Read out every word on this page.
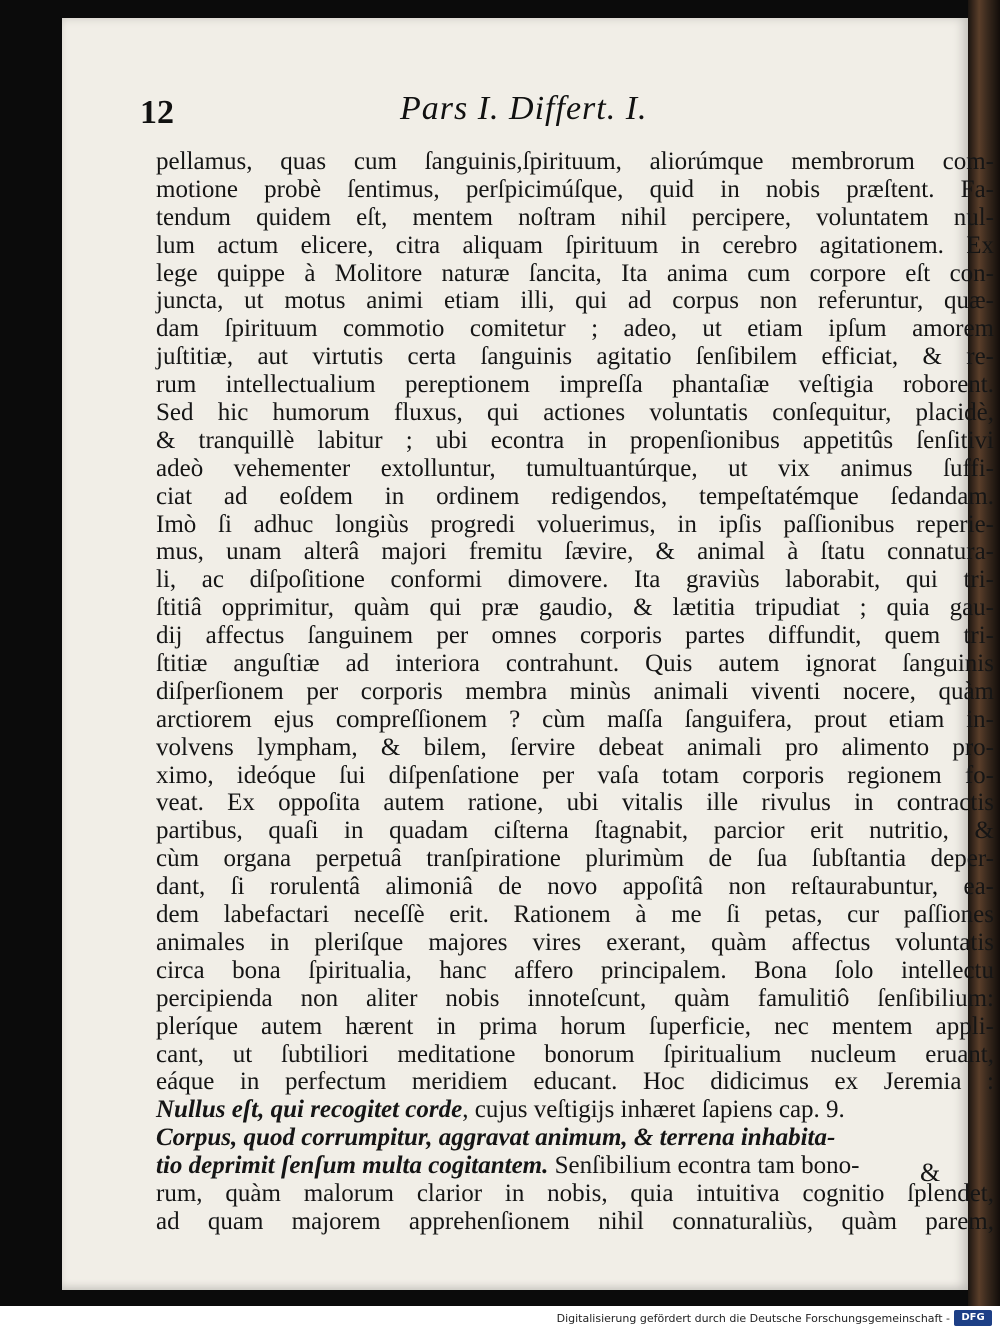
12	Pars I. Differt. I.
pellamus, quas cum ſanguinis,ſpirituum, aliorúmque membrorum com-
motione probè ſentimus, perſpicimúſque, quid in nobis præſtent. Fa-
tendum quidem eſt, mentem noſtram nihil percipere, voluntatem nul-
lum actum elicere, citra aliquam ſpirituum in cerebro agitationem. Ex
lege quippe à Molitore naturæ ſancita, Ita anima cum corpore eſt con-
juncta, ut motus animi etiam illi, qui ad corpus non referuntur, quæ-
dam ſpirituum commotio comitetur ; adeo, ut etiam ipſum amorem
juſtitiæ, aut virtutis certa ſanguinis agitatio ſenſibilem efficiat, & re-
rum intellectualium pereptionem impreſſa phantaſiæ veſtigia roborent.
Sed hic humorum fluxus, qui actiones voluntatis conſequitur, placidè,
& tranquillè labitur ; ubi econtra in propenſionibus appetitûs ſenſitivi
adeò vehementer extolluntur, tumultuantúrque, ut vix animus ſuffi-
ciat ad eoſdem in ordinem redigendos, tempeſtatémque ſedandam.
Imò ſi adhuc longiùs progredi voluerimus, in ipſis paſſionibus reperie-
mus, unam alterâ majori fremitu ſævire, & animal à ſtatu connatura-
li, ac diſpoſitione conformi dimovere. Ita graviùs laborabit, qui tri-
ſtitiâ opprimitur, quàm qui præ gaudio, & lætitia tripudiat ; quia gau-
dij affectus ſanguinem per omnes corporis partes diffundit, quem tri-
ſtitiæ anguſtiæ ad interiora contrahunt. Quis autem ignorat ſanguinis
diſperſionem per corporis membra minùs animali viventi nocere, quàm
arctiorem ejus compreſſionem ? cùm maſſa ſanguifera, prout etiam in-
volvens lympham, & bilem, ſervire debeat animali pro alimento pro-
ximo, ideóque ſui diſpenſatione per vaſa totam corporis regionem fo-
veat. Ex oppoſita autem ratione, ubi vitalis ille rivulus in contractis
partibus, quaſi in quadam ciſterna ſtagnabit, parcior erit nutritio, &
cùm organa perpetuâ tranſpiratione plurimùm de ſua ſubſtantia deper-
dant, ſi rorulentâ alimoniâ de novo appoſitâ non reſtaurabuntur, ea-
dem labefactari neceſſè erit. Rationem à me ſi petas, cur paſſiones
animales in pleriſque majores vires exerant, quàm affectus voluntatis
circa bona ſpiritualia, hanc affero principalem. Bona ſolo intellectu
percipienda non aliter nobis innoteſcunt, quàm famulitiô ſenſibilium:
pleríque autem hærent in prima horum ſuperficie, nec mentem appli-
cant, ut ſubtiliori meditatione bonorum ſpiritualium nucleum eruant,
eáque in perfectum meridiem educant. Hoc didicimus ex Jeremia :
Nullus eſt, qui recogitet corde, cujus veſtigijs inhæret ſapiens cap. 9.
Corpus, quod corrumpitur, aggravat animum, & terrena inhabita-
tio deprimit ſenſum multa cogitantem. Senſibilium econtra tam bono-
rum, quàm malorum clarior in nobis, quia intuitiva cognitio ſplendet,
ad quam majorem apprehenſionem nihil connaturaliùs, quàm parem,
&
Digitalisierung gefördert durch die Deutsche Forschungsgemeinschaft -	DFG
